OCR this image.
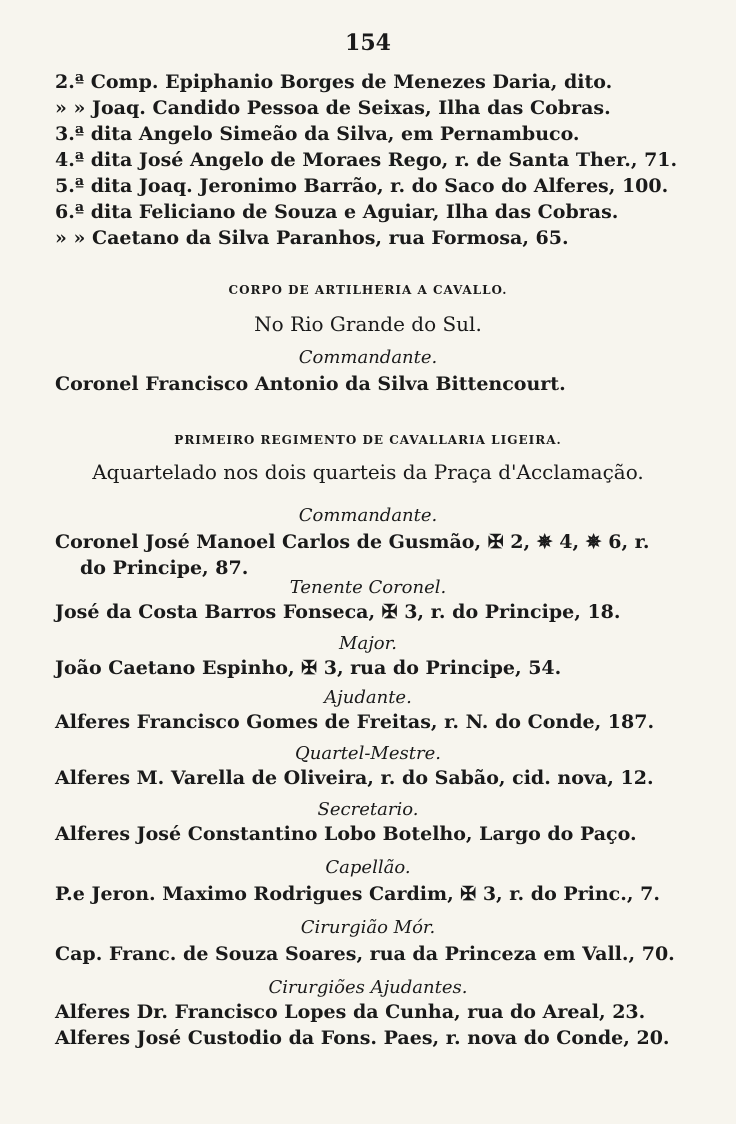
154
2.ª Comp. Epiphanio Borges de Menezes Daria, dito.
» » Joaq. Candido Pessoa de Seixas, Ilha das Cobras.
3.ª dita Angelo Simeão da Silva, em Pernambuco.
4.ª dita José Angelo de Moraes Rego, r. de Santa Ther., 71.
5.ª dita Joaq. Jeronimo Barrão, r. do Saco do Alferes, 100.
6.ª dita Feliciano de Souza e Aguiar, Ilha das Cobras.
» » Caetano da Silva Paranhos, rua Formosa, 65.
CORPO DE ARTILHERIA A CAVALLO.
No Rio Grande do Sul.
Commandante.
Coronel Francisco Antonio da Silva Bittencourt.
PRIMEIRO REGIMENTO DE CAVALLARIA LIGEIRA.
Aquartelado nos dois quarteis da Praça d'Acclamação.
Commandante.
Coronel José Manoel Carlos de Gusmão, ✠ 2, ✵ 4, ✵ 6, r.
do Principe, 87.
Tenente Coronel.
José da Costa Barros Fonseca, ✠ 3, r. do Principe, 18.
Major.
João Caetano Espinho, ✠ 3, rua do Principe, 54.
Ajudante.
Alferes Francisco Gomes de Freitas, r. N. do Conde, 187.
Quartel-Mestre.
Alferes M. Varella de Oliveira, r. do Sabão, cid. nova, 12.
Secretario.
Alferes José Constantino Lobo Botelho, Largo do Paço.
Capellão.
P.e Jeron. Maximo Rodrigues Cardim, ✠ 3, r. do Princ., 7.
Cirurgião Mór.
Cap. Franc. de Souza Soares, rua da Princeza em Vall., 70.
Cirurgiões Ajudantes.
Alferes Dr. Francisco Lopes da Cunha, rua do Areal, 23.
Alferes José Custodio da Fons. Paes, r. nova do Conde, 20.
